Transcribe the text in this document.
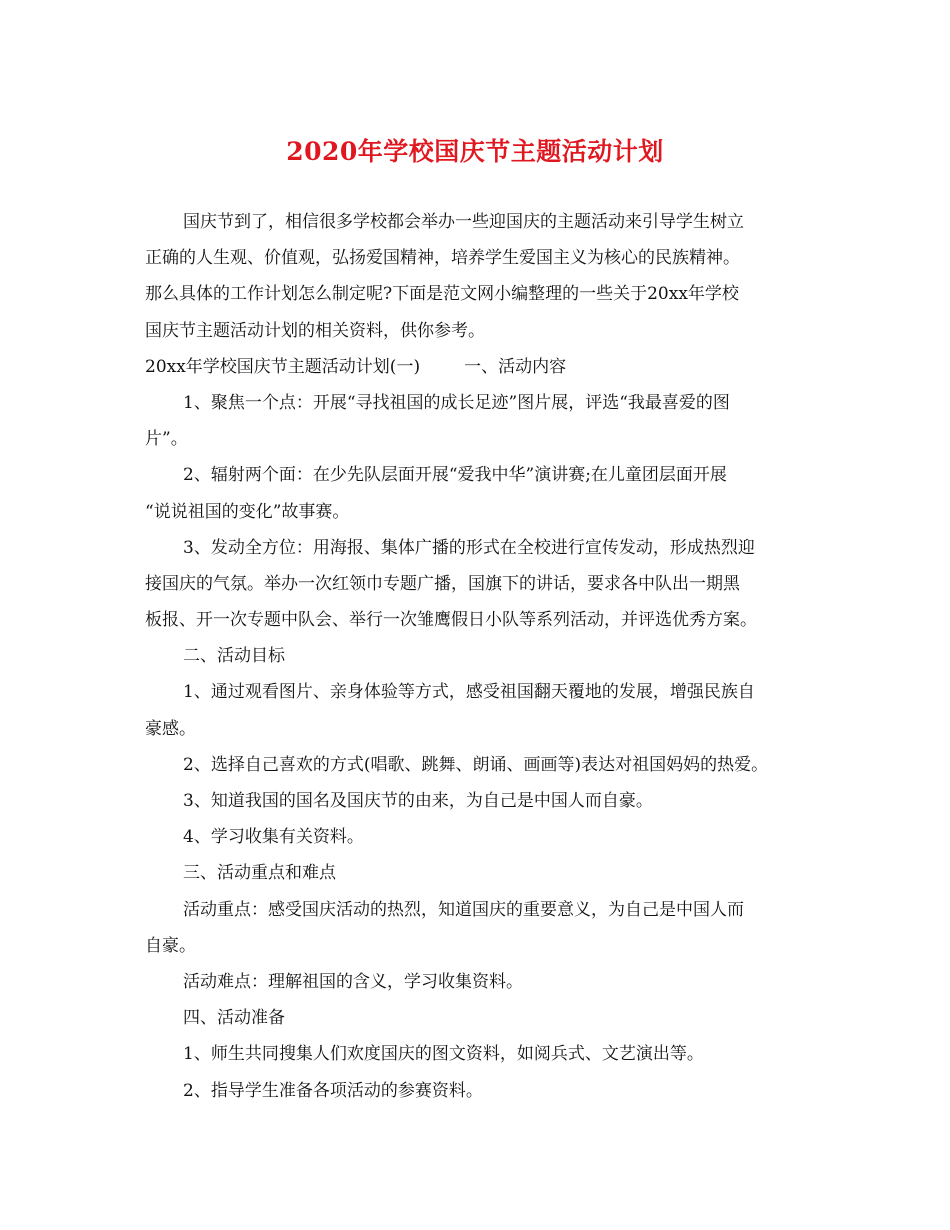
2020年学校国庆节主题活动计划
国庆节到了，相信很多学校都会举办一些迎国庆的主题活动来引导学生树立
正确的人生观、价值观，弘扬爱国精神，培养学生爱国主义为核心的民族精神。
那么具体的工作计划怎么制定呢?下面是范文网小编整理的一些关于20xx年学校
国庆节主题活动计划的相关资料，供你参考。
20xx年学校国庆节主题活动计划(一)	一、活动内容
1、聚焦一个点：开展“寻找祖国的成长足迹”图片展，评选“我最喜爱的图
片”。
2、辐射两个面：在少先队层面开展“爱我中华”演讲赛;在儿童团层面开展
“说说祖国的变化”故事赛。
3、发动全方位：用海报、集体广播的形式在全校进行宣传发动，形成热烈迎
接国庆的气氛。举办一次红领巾专题广播，国旗下的讲话，要求各中队出一期黑
板报、开一次专题中队会、举行一次雏鹰假日小队等系列活动，并评选优秀方案。
二、活动目标
1、通过观看图片、亲身体验等方式，感受祖国翻天覆地的发展，增强民族自
豪感。
2、选择自己喜欢的方式(唱歌、跳舞、朗诵、画画等)表达对祖国妈妈的热爱。
3、知道我国的国名及国庆节的由来，为自己是中国人而自豪。
4、学习收集有关资料。
三、活动重点和难点
活动重点：感受国庆活动的热烈，知道国庆的重要意义，为自己是中国人而
自豪。
活动难点：理解祖国的含义，学习收集资料。
四、活动准备
1、师生共同搜集人们欢度国庆的图文资料，如阅兵式、文艺演出等。
2、指导学生准备各项活动的参赛资料。
